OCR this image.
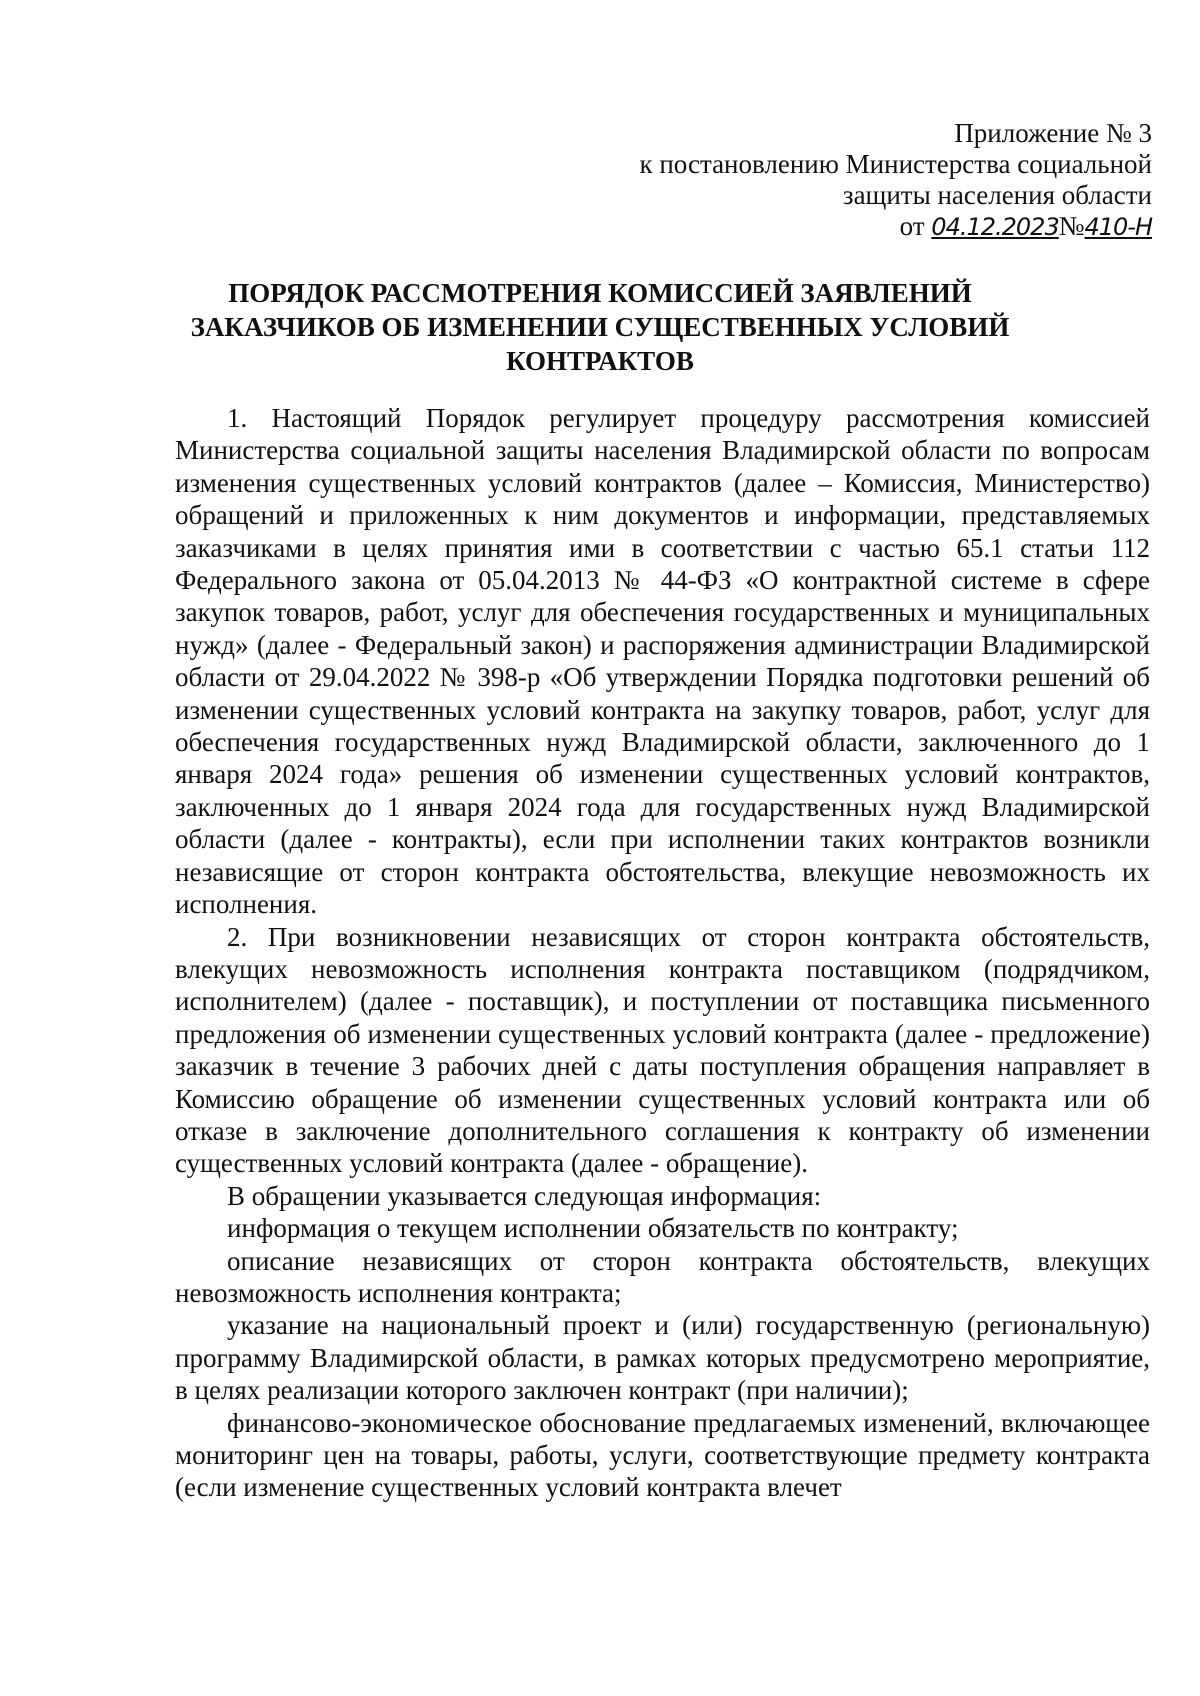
Приложение № 3
к постановлению Министерства социальной
защиты населения области
от 04.12.2023№410-Н
ПОРЯДОК РАССМОТРЕНИЯ КОМИССИЕЙ ЗАЯВЛЕНИЙ
ЗАКАЗЧИКОВ ОБ ИЗМЕНЕНИИ СУЩЕСТВЕННЫХ УСЛОВИЙ
КОНТРАКТОВ

1. Настоящий Порядок регулирует процедуру рассмотрения комиссией Министерства социальной защиты населения Владимирской области по вопросам изменения существенных условий контрактов (далее – Комиссия, Министерство) обращений и приложенных к ним документов и информации, представляемых заказчиками в целях принятия ими в соответствии с частью 65.1 статьи 112 Федерального закона от 05.04.2013 № 44-ФЗ «О контрактной системе в сфере закупок товаров, работ, услуг для обеспечения государственных и муниципальных нужд» (далее - Федеральный закон) и распоряжения администрации Владимирской области от 29.04.2022 № 398-р «Об утверждении Порядка подготовки решений об изменении существенных условий контракта на закупку товаров, работ, услуг для обеспечения государственных нужд Владимирской области, заключенного до 1 января 2024 года» решения об изменении существенных условий контрактов, заключенных до 1 января 2024 года для государственных нужд Владимирской области (далее - контракты), если при исполнении таких контрактов возникли независящие от сторон контракта обстоятельства, влекущие невозможность их исполнения.

2. При возникновении независящих от сторон контракта обстоятельств, влекущих невозможность исполнения контракта поставщиком (подрядчиком, исполнителем) (далее - поставщик), и поступлении от поставщика письменного предложения об изменении существенных условий контракта (далее - предложение) заказчик в течение 3 рабочих дней с даты поступления обращения направляет в Комиссию обращение об изменении существенных условий контракта или об отказе в заключение дополнительного соглашения к контракту об изменении существенных условий контракта (далее - обращение).

В обращении указывается следующая информация:

информация о текущем исполнении обязательств по контракту;

описание независящих от сторон контракта обстоятельств, влекущих невозможность исполнения контракта;

указание на национальный проект и (или) государственную (региональную) программу Владимирской области, в рамках которых предусмотрено мероприятие, в целях реализации которого заключен контракт (при наличии);

финансово-экономическое обоснование предлагаемых изменений, включающее мониторинг цен на товары, работы, услуги, соответствующие предмету контракта (если изменение существенных условий контракта влечет
